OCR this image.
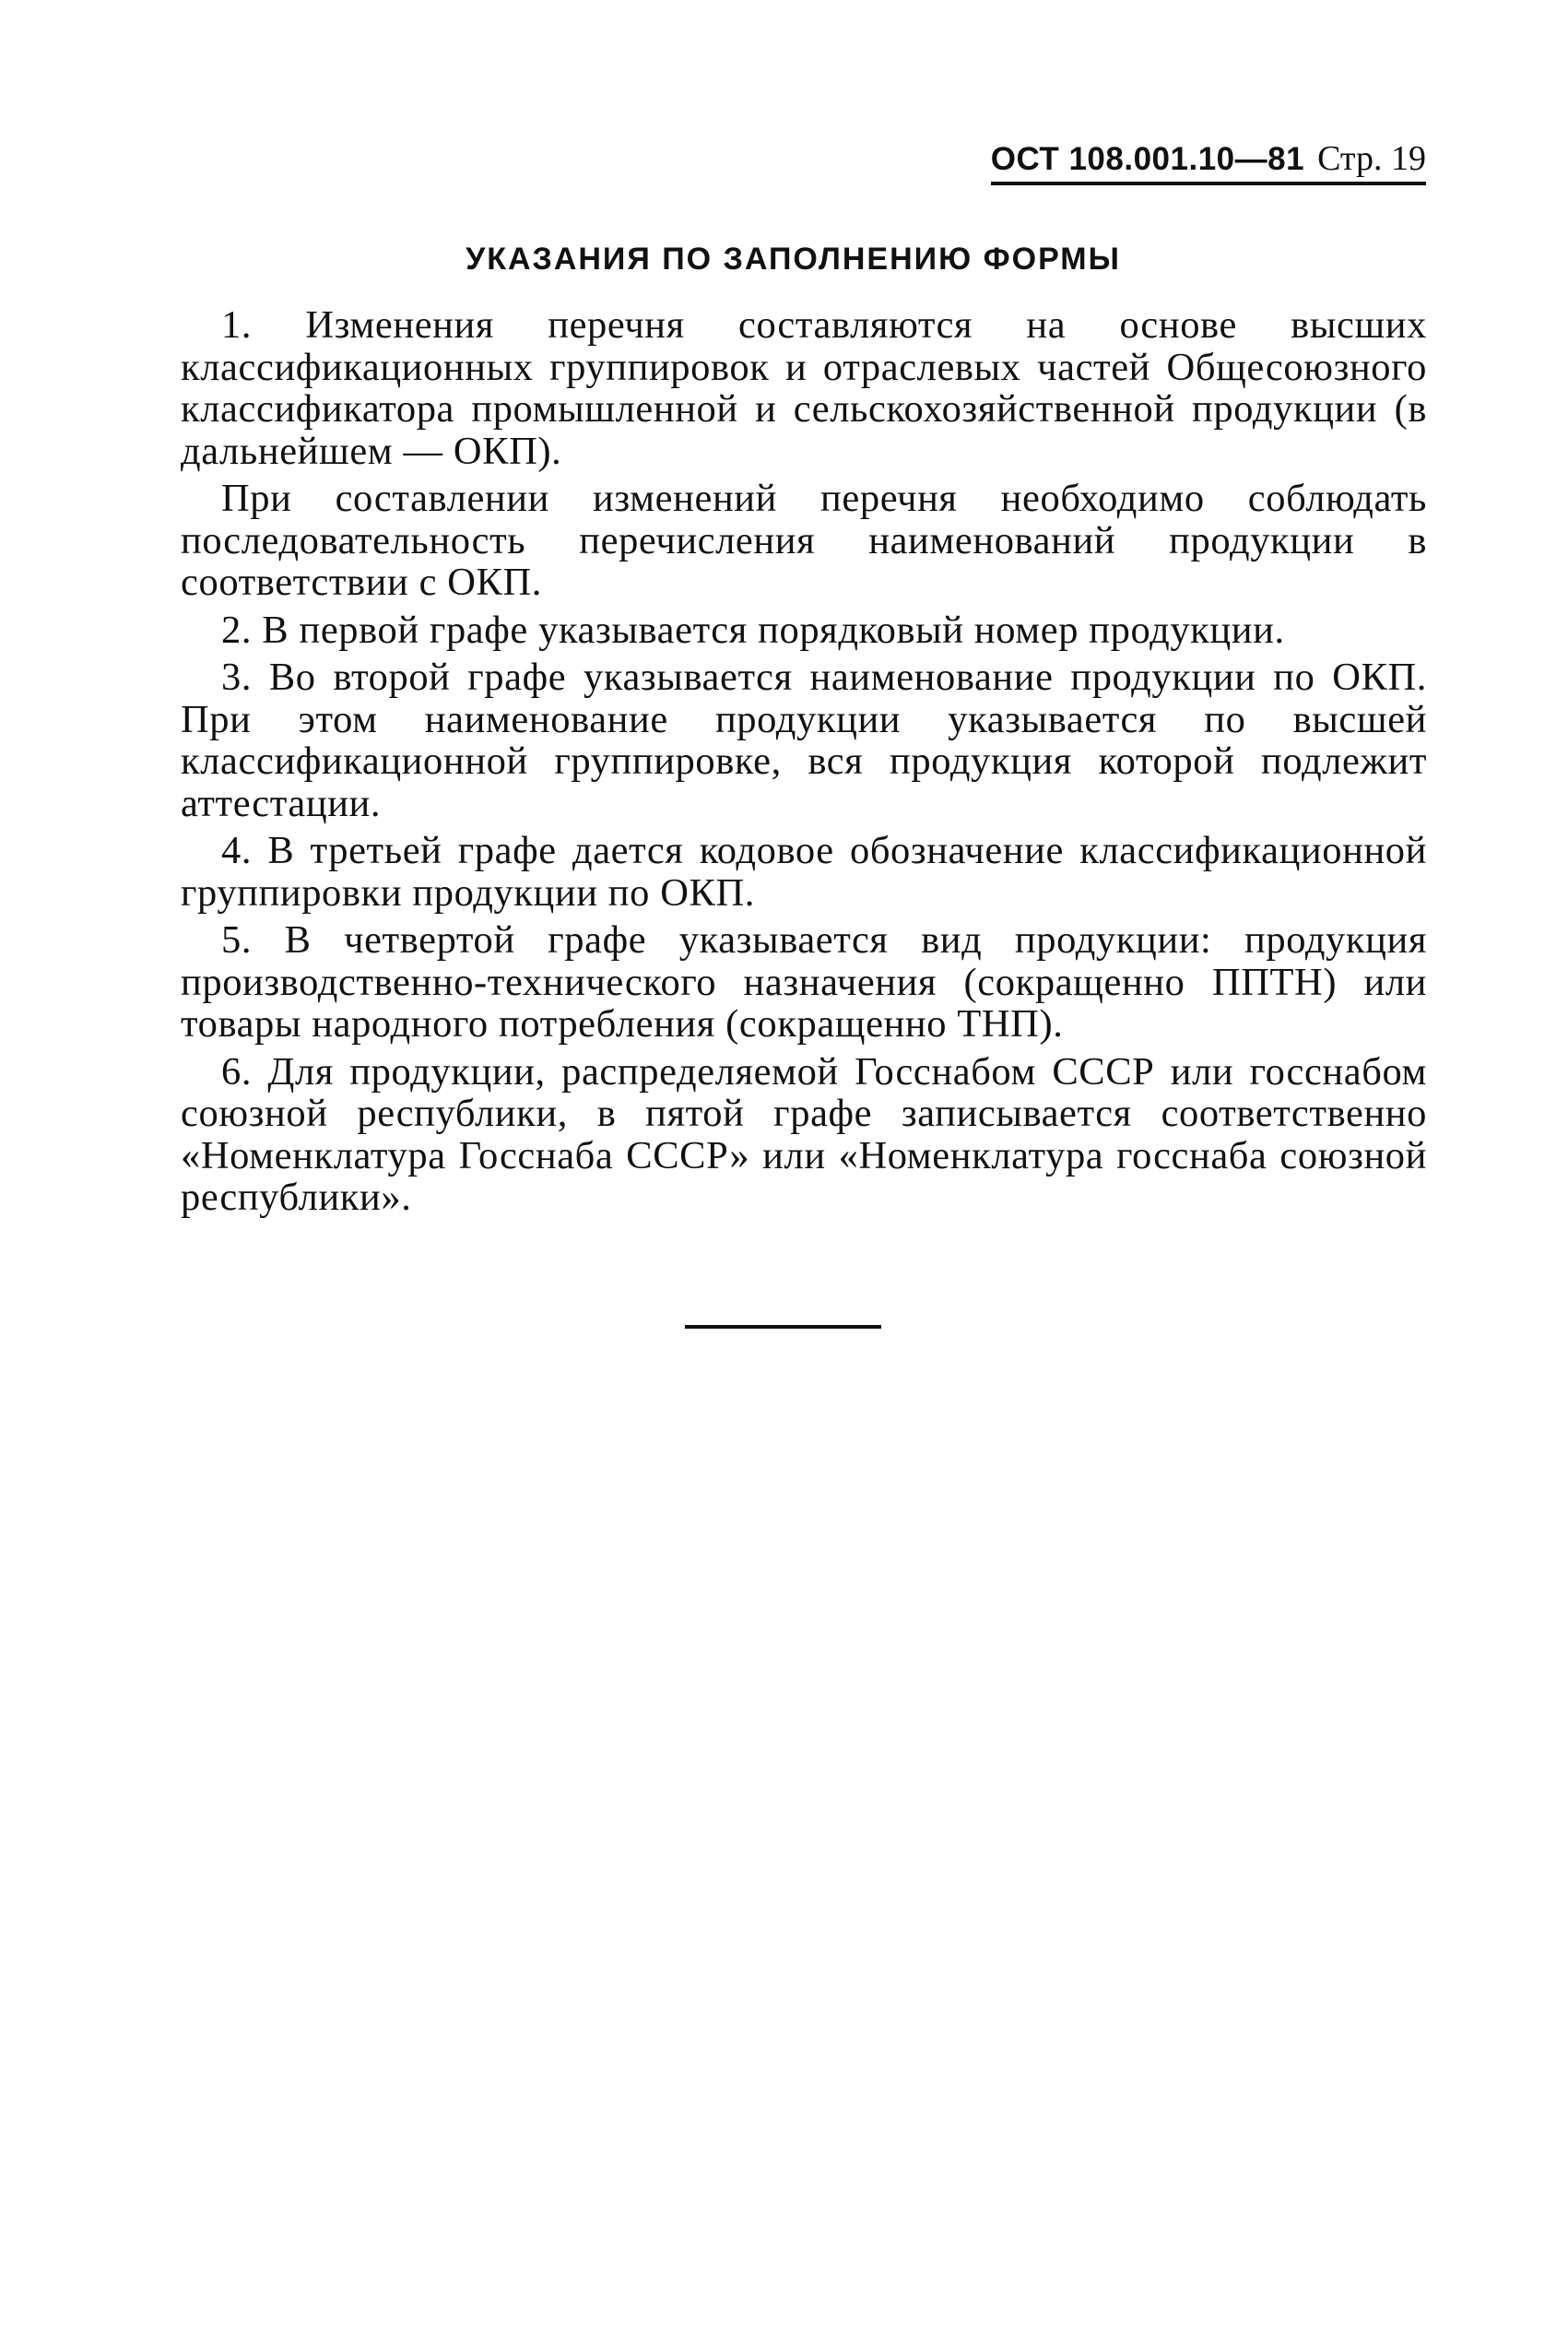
ОСТ 108.001.10—81 Стр. 19
УКАЗАНИЯ ПО ЗАПОЛНЕНИЮ ФОРМЫ

1. Изменения перечня составляются на основе высших классификационных группировок и отраслевых частей Общесоюзного классификатора промышленной и сельскохозяйственной продукции (в дальнейшем — ОКП).

При составлении изменений перечня необходимо соблюдать последовательность перечисления наименований продукции в соответствии с ОКП.

2. В первой графе указывается порядковый номер продукции.

3. Во второй графе указывается наименование продукции по ОКП. При этом наименование продукции указывается по высшей классификационной группировке, вся продукция которой подлежит аттестации.

4. В третьей графе дается кодовое обозначение классификационной группировки продукции по ОКП.

5. В четвертой графе указывается вид продукции: продукция производственно-технического назначения (сокращенно ППТН) или товары народного потребления (сокращенно ТНП).

6. Для продукции, распределяемой Госснабом СССР или госснабом союзной республики, в пятой графе записывается соответственно «Номенклатура Госснаба СССР» или «Номенклатура госснаба союзной республики».
